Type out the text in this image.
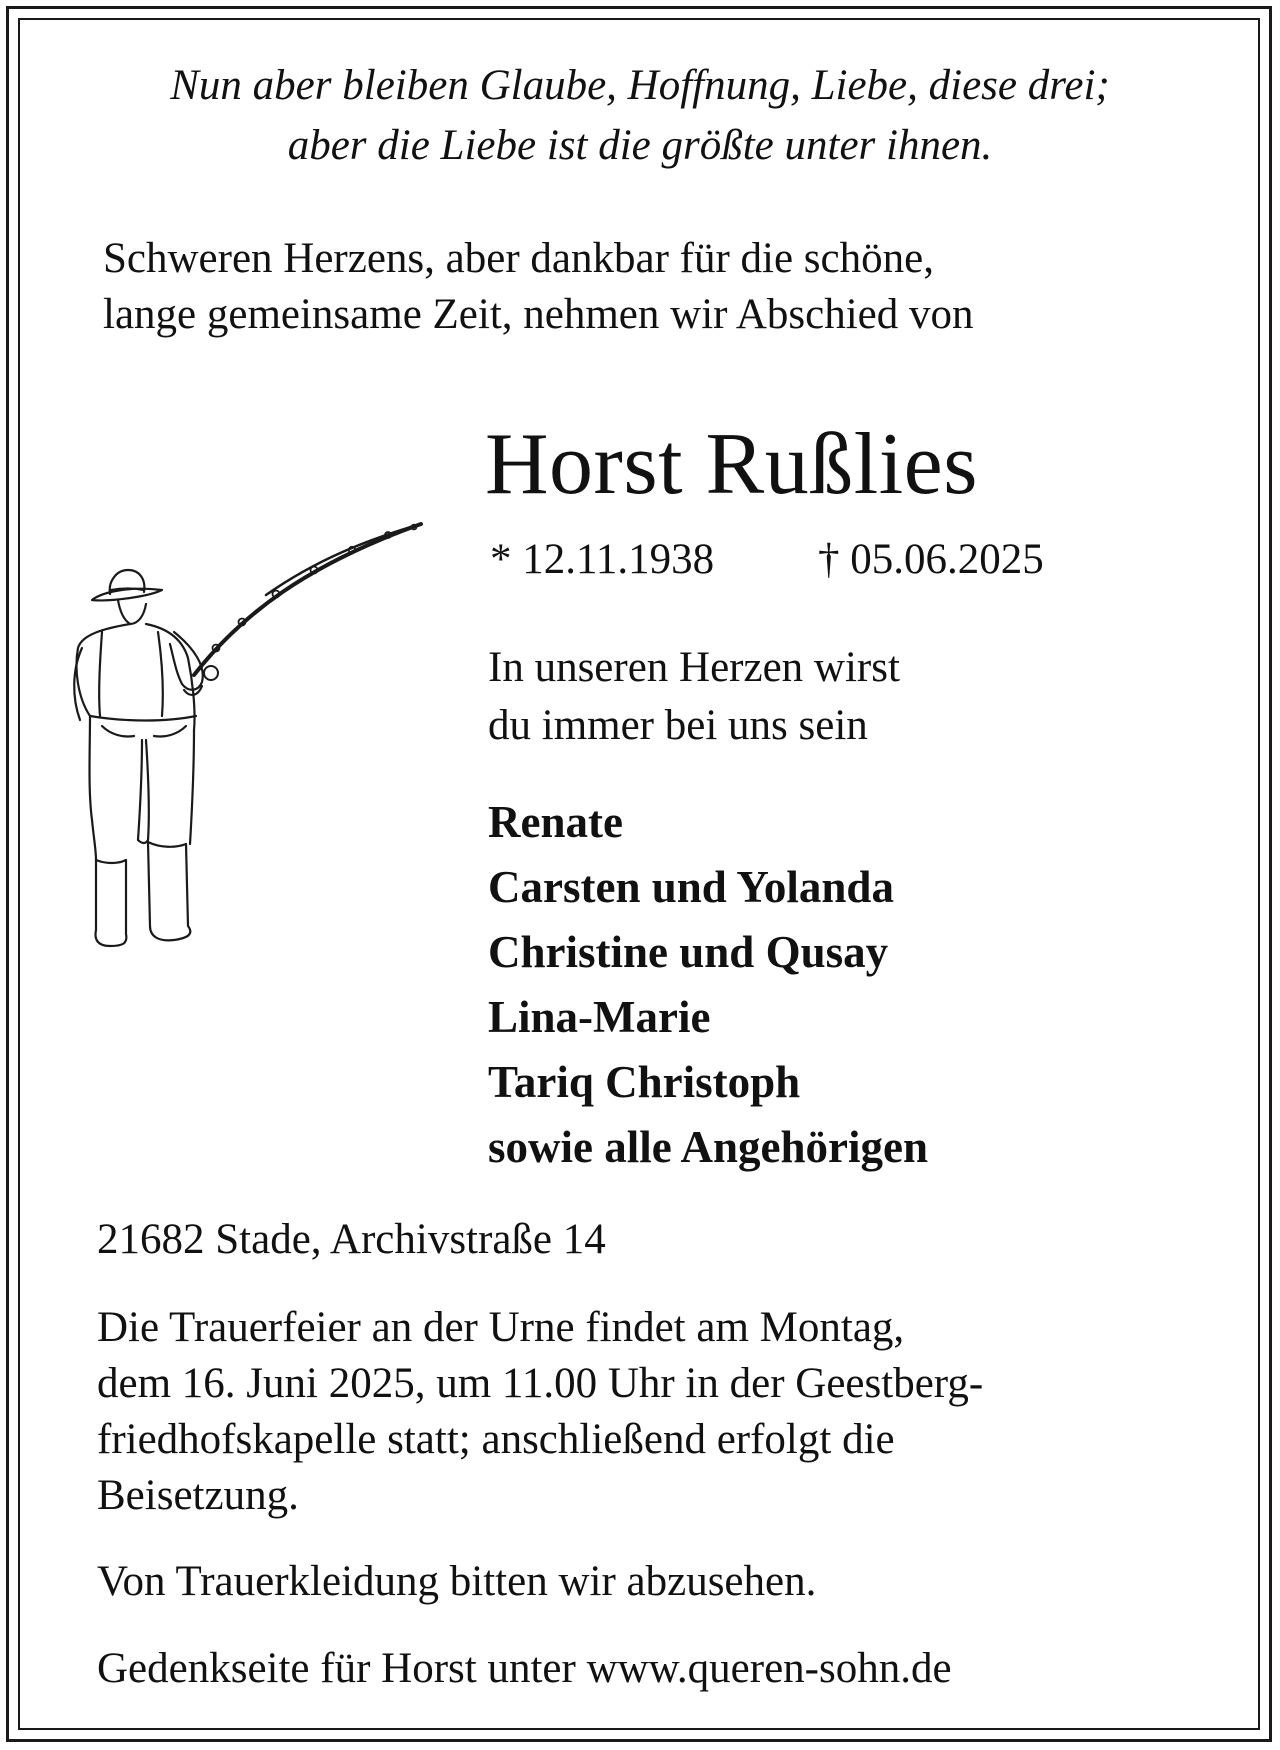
Nun aber bleiben Glaube, Hoffnung, Liebe, diese drei;
aber die Liebe ist die größte unter ihnen.
Schweren Herzens, aber dankbar für die schöne,
lange gemeinsame Zeit, nehmen wir Abschied von
Horst Rußlies
* 12.11.1938 † 05.06.2025
In unseren Herzen wirst
du immer bei uns sein
Renate
Carsten und Yolanda
Christine und Qusay
Lina-Marie
Tariq Christoph
sowie alle Angehörigen
21682 Stade, Archivstraße 14
Die Trauerfeier an der Urne findet am Montag,
dem 16. Juni 2025, um 11.00 Uhr in der Geestberg-
friedhofskapelle statt; anschließend erfolgt die
Beisetzung.
Von Trauerkleidung bitten wir abzusehen.
Gedenkseite für Horst unter www.queren-sohn.de
